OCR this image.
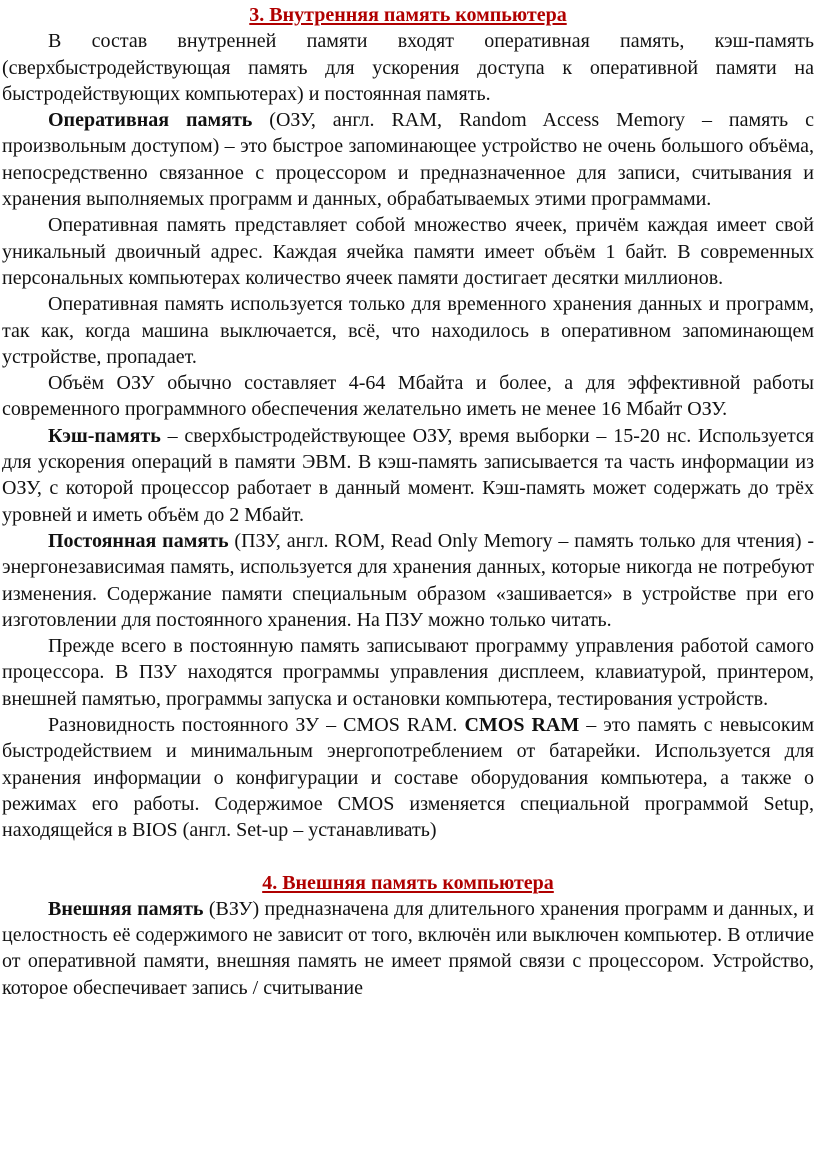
3. Внутренняя память компьютера

В состав внутренней памяти входят оперативная память, кэш-память (сверхбыстродействующая память для ускорения доступа к оперативной памяти на быстродействующих компьютерах) и постоянная память.

Оперативная память (ОЗУ, англ. RAM, Random Access Memory – память с произвольным доступом) – это быстрое запоминающее устройство не очень большого объёма, непосредственно связанное с процессором и предназначенное для записи, считывания и хранения выполняемых программ и данных, обрабатываемых этими программами.

Оперативная память представляет собой множество ячеек, причём каждая имеет свой уникальный двоичный адрес. Каждая ячейка памяти имеет объём 1 байт. В современных персональных компьютерах количество ячеек памяти достигает десятки миллионов.

Оперативная память используется только для временного хранения данных и программ, так как, когда машина выключается, всё, что находилось в оперативном запоминающем устройстве, пропадает.

Объём ОЗУ обычно составляет 4-64 Мбайта и более, а для эффективной работы современного программного обеспечения желательно иметь не менее 16 Мбайт ОЗУ.

Кэш-память – сверхбыстродействующее ОЗУ, время выборки – 15-20 нс. Используется для ускорения операций в памяти ЭВМ. В кэш-память записывается та часть информации из ОЗУ, с которой процессор работает в данный момент. Кэш-память может содержать до трёх уровней и иметь объём до 2 Мбайт.

Постоянная память (ПЗУ, англ. ROM, Read Only Memory – память только для чтения) - энергонезависимая память, используется для хранения данных, которые никогда не потребуют изменения. Содержание памяти специальным образом «зашивается» в устройстве при его изготовлении для постоянного хранения. На ПЗУ можно только читать.

Прежде всего в постоянную память записывают программу управления работой самого процессора. В ПЗУ находятся программы управления дисплеем, клавиатурой, принтером, внешней памятью, программы запуска и остановки компьютера, тестирования устройств.

Разновидность постоянного ЗУ – CMOS RAM. CMOS RAM – это память с невысоким быстродействием и минимальным энергопотреблением от батарейки. Используется для хранения информации о конфигурации и составе оборудования компьютера, а также о режимах его работы. Содержимое CMOS изменяется специальной программой Setup, находящейся в BIOS (англ. Set-up – устанавливать)

4. Внешняя память компьютера

Внешняя память (ВЗУ) предназначена для длительного хранения программ и данных, и целостность её содержимого не зависит от того, включён или выключен компьютер. В отличие от оперативной памяти, внешняя память не имеет прямой связи с процессором. Устройство, которое обеспечивает запись / считывание
